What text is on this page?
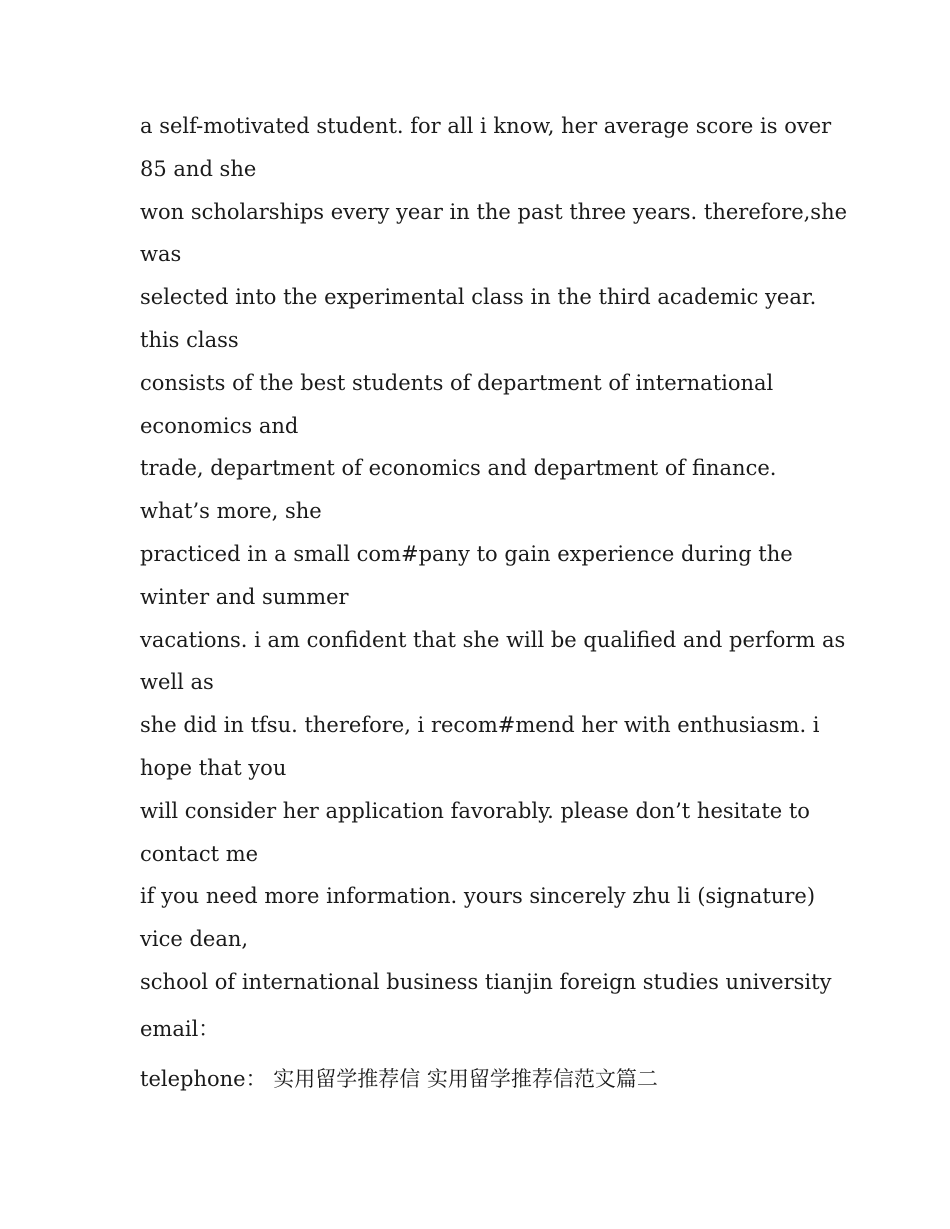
a self-motivated student. for all i know, her average score is over
85 and she
won scholarships every year in the past three years. therefore,she
was
selected into the experimental class in the third academic year.
this class
consists of the best students of department of international
economics and
trade, department of economics and department of finance.
what’s more, she
practiced in a small com#pany to gain experience during the
winter and summer
vacations. i am confident that she will be qualified and perform as
well as
she did in tfsu. therefore, i recom#mend her with enthusiasm. i
hope that you
will consider her application favorably. please don’t hesitate to
contact me
if you need more information. yours sincerely zhu li (signature)
vice dean,
school of international business tianjin foreign studies university
email：
telephone： 实用留学推荐信 实用留学推荐信范文篇二
